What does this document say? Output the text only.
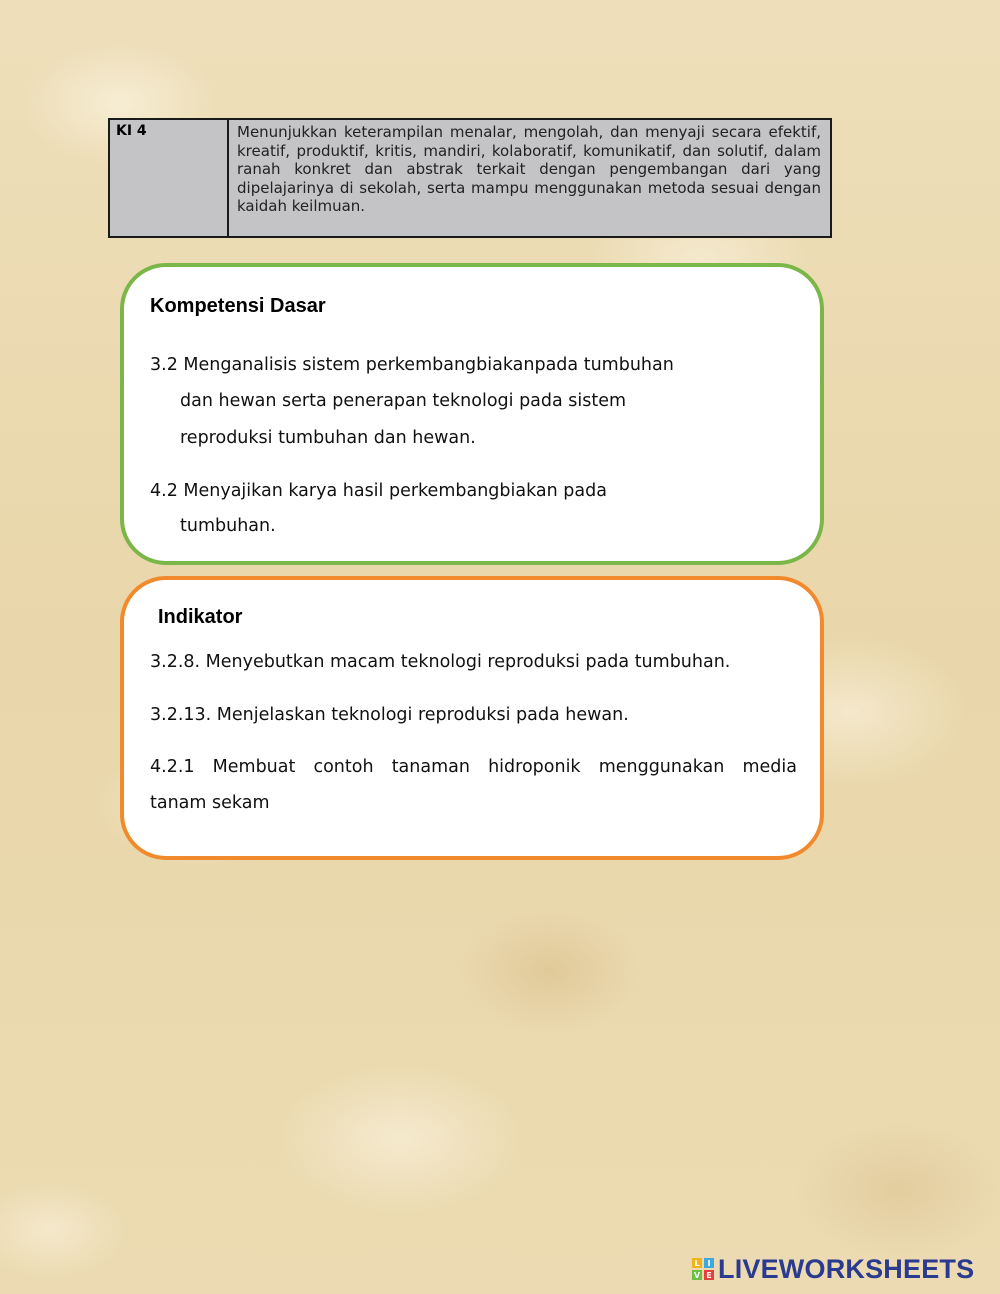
KI 4	Menunjukkan keterampilan menalar, mengolah, dan menyaji secara efektif, kreatif, produktif, kritis, mandiri, kolaboratif, komunikatif, dan solutif, dalam ranah konkret dan abstrak terkait dengan pengembangan dari yang dipelajarinya di sekolah, serta mampu menggunakan metoda sesuai dengan kaidah keilmuan.
Kompetensi Dasar
3.2 Menganalisis sistem perkembangbiakanpada tumbuhan
dan hewan serta penerapan teknologi pada sistem
reproduksi tumbuhan dan hewan.
4.2 Menyajikan karya hasil perkembangbiakan pada
tumbuhan.
Indikator
3.2.8. Menyebutkan macam teknologi reproduksi pada tumbuhan.
3.2.13. Menjelaskan teknologi reproduksi pada hewan.
4.2.1 Membuat contoh tanaman hidroponik menggunakan media
tanam sekam
L I
V E LIVEWORKSHEETS
